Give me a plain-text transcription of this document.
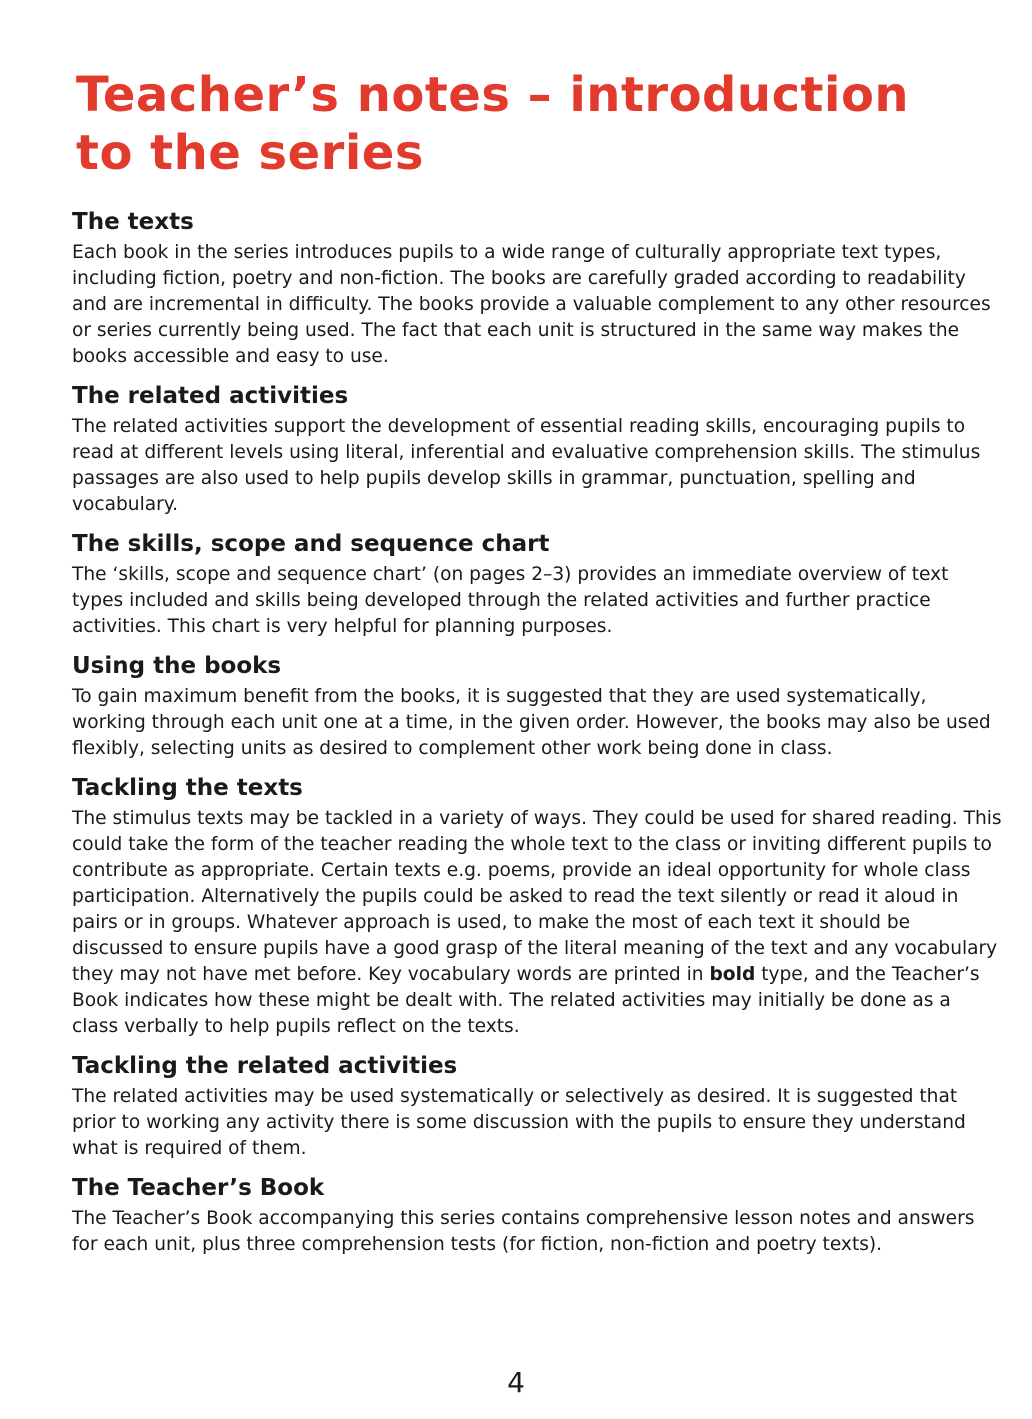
Teacher’s notes – introduction to the series
The texts

Each book in the series introduces pupils to a wide range of culturally appropriate text types, including fiction, poetry and non-fiction. The books are carefully graded according to readability and are incremental in difficulty. The books provide a valuable complement to any other resources or series currently being used. The fact that each unit is structured in the same way makes the books accessible and easy to use.

The related activities

The related activities support the development of essential reading skills, encouraging pupils to read at different levels using literal, inferential and evaluative comprehension skills. The stimulus passages are also used to help pupils develop skills in grammar, punctuation, spelling and vocabulary.

The skills, scope and sequence chart

The ‘skills, scope and sequence chart’ (on pages 2–3) provides an immediate overview of text types included and skills being developed through the related activities and further practice activities. This chart is very helpful for planning purposes.

Using the books

To gain maximum benefit from the books, it is suggested that they are used systematically, working through each unit one at a time, in the given order. However, the books may also be used flexibly, selecting units as desired to complement other work being done in class.

Tackling the texts

The stimulus texts may be tackled in a variety of ways. They could be used for shared reading. This could take the form of the teacher reading the whole text to the class or inviting different pupils to contribute as appropriate. Certain texts e.g. poems, provide an ideal opportunity for whole class participation. Alternatively the pupils could be asked to read the text silently or read it aloud in pairs or in groups. Whatever approach is used, to make the most of each text it should be discussed to ensure pupils have a good grasp of the literal meaning of the text and any vocabulary they may not have met before. Key vocabulary words are printed in bold type, and the Teacher’s Book indicates how these might be dealt with. The related activities may initially be done as a class verbally to help pupils reflect on the texts.

Tackling the related activities

The related activities may be used systematically or selectively as desired. It is suggested that prior to working any activity there is some discussion with the pupils to ensure they understand what is required of them.

The Teacher’s Book

The Teacher’s Book accompanying this series contains comprehensive lesson notes and answers for each unit, plus three comprehension tests (for fiction, non-fiction and poetry texts).

4
